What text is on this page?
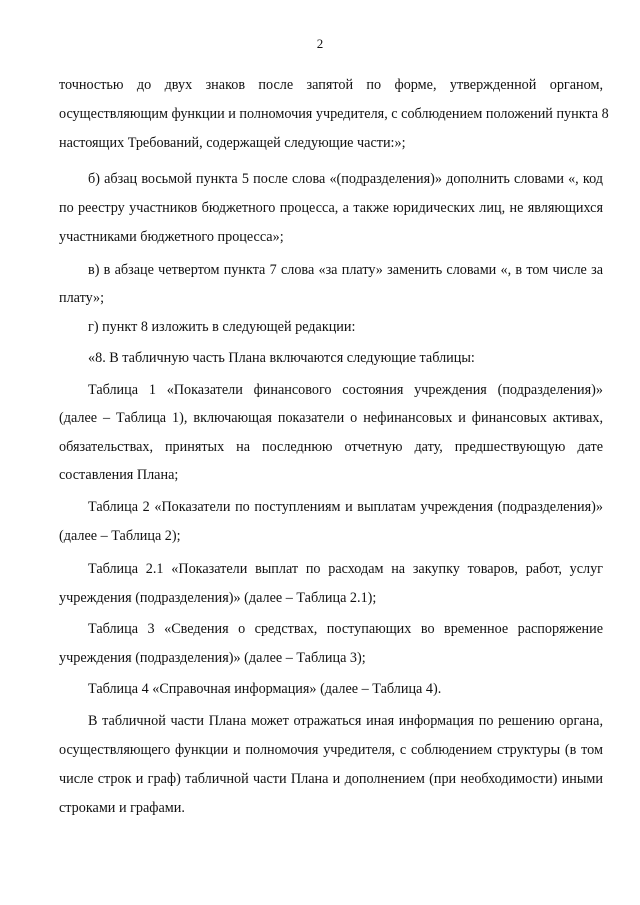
2
точностью до двух знаков после запятой по форме, утвержденной органом,
осуществляющим функции и полномочия учредителя, с соблюдением положений пункта 8
настоящих Требований, содержащей следующие части:»;
б) абзац восьмой пункта 5 после слова «(подразделения)» дополнить словами «, код
по реестру участников бюджетного процесса, а также юридических лиц, не являющихся
участниками бюджетного процесса»;
в) в абзаце четвертом пункта 7 слова «за плату» заменить словами «, в том числе за
плату»;
г) пункт 8 изложить в следующей редакции:
«8. В табличную часть Плана включаются следующие таблицы:
Таблица 1 «Показатели финансового состояния учреждения (подразделения)»
(далее – Таблица 1), включающая показатели о нефинансовых и финансовых активах,
обязательствах, принятых на последнюю отчетную дату, предшествующую дате
составления Плана;
Таблица 2 «Показатели по поступлениям и выплатам учреждения (подразделения)»
(далее – Таблица 2);
Таблица 2.1 «Показатели выплат по расходам на закупку товаров, работ, услуг
учреждения (подразделения)» (далее – Таблица 2.1);
Таблица 3 «Сведения о средствах, поступающих во временное распоряжение
учреждения (подразделения)» (далее – Таблица 3);
Таблица 4 «Справочная информация» (далее – Таблица 4).
В табличной части Плана может отражаться иная информация по решению органа,
осуществляющего функции и полномочия учредителя, с соблюдением структуры (в том
числе строк и граф) табличной части Плана и дополнением (при необходимости) иными
строками и графами.
